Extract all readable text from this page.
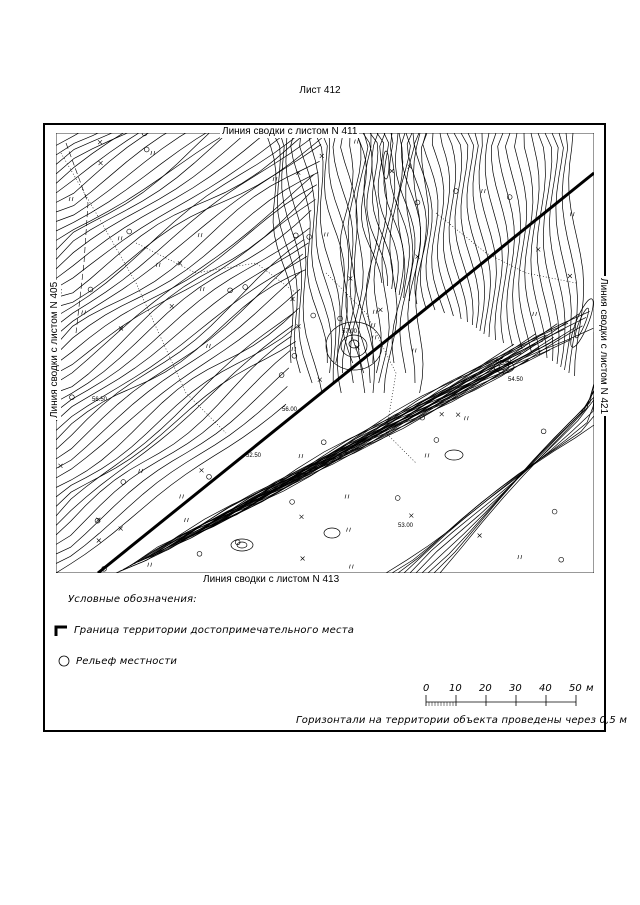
Лист 412
57.00
56.50
55.00
54.50
53.00
52.50
56.00
Линия сводки с листом N 411
Линия сводки с листом N 413
Линия сводки с листом N 405	Линия сводки с листом N 421
Условные обозначения:
Граница территории достопримечательного места
Рельеф местности
0 10 20 30 40 50 м
Горизонтали на территории объекта проведены через 0,5 м
